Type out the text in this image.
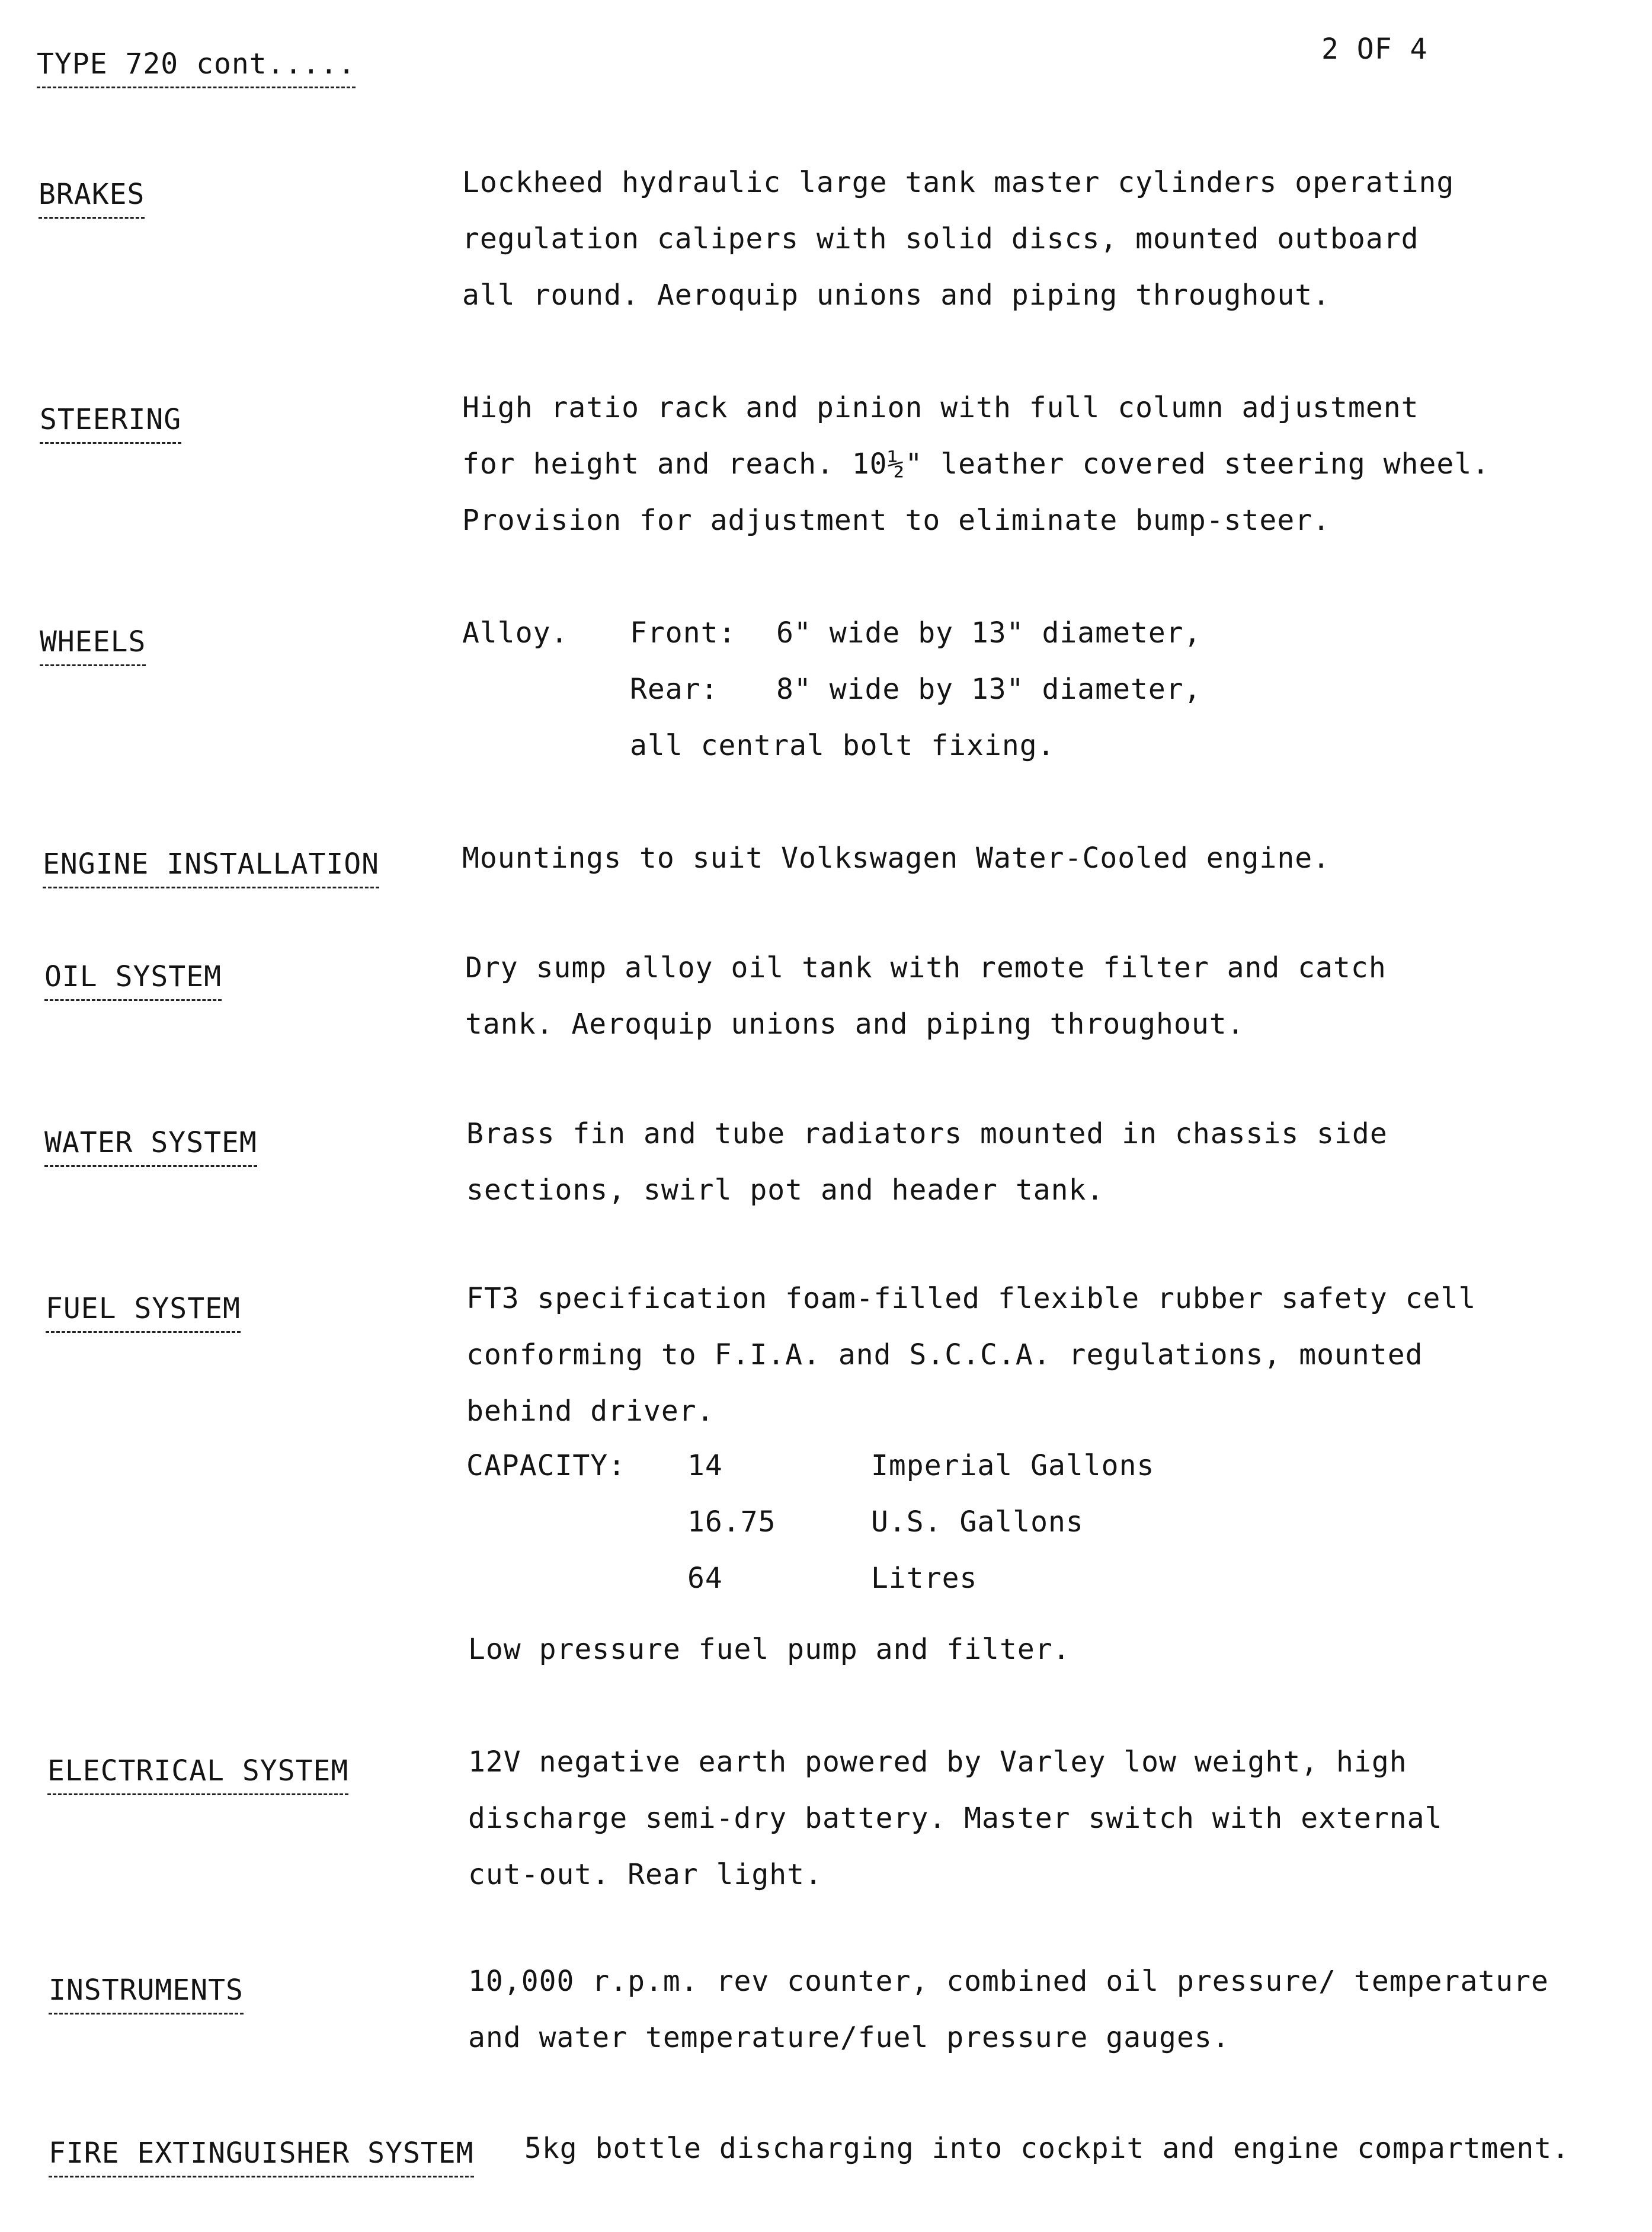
TYPE 720 cont.....	2 OF 4
BRAKES	Lockheed hydraulic large tank master cylinders operating
regulation calipers with solid discs, mounted outboard
all round. Aeroquip unions and piping throughout.
STEERING	High ratio rack and pinion with full column adjustment
for height and reach. 10½" leather covered steering wheel.
Provision for adjustment to eliminate bump-steer.
WHEELS	Alloy. Front: 6" wide by 13" diameter,
Rear: 8" wide by 13" diameter,
all central bolt fixing.
ENGINE INSTALLATION	Mountings to suit Volkswagen Water-Cooled engine.
OIL SYSTEM	Dry sump alloy oil tank with remote filter and catch
tank. Aeroquip unions and piping throughout.
WATER SYSTEM	Brass fin and tube radiators mounted in chassis side
sections, swirl pot and header tank.
FUEL SYSTEM	FT3 specification foam-filled flexible rubber safety cell
conforming to F.I.A. and S.C.C.A. regulations, mounted
behind driver.
CAPACITY: 14	Imperial Gallons
16.75	U.S. Gallons
64	Litres
Low pressure fuel pump and filter.
ELECTRICAL SYSTEM	12V negative earth powered by Varley low weight, high
discharge semi-dry battery. Master switch with external
cut-out. Rear light.
INSTRUMENTS	10,000 r.p.m. rev counter, combined oil pressure/ temperature
and water temperature/fuel pressure gauges.
FIRE EXTINGUISHER SYSTEM 5kg bottle discharging into cockpit and engine compartment.
